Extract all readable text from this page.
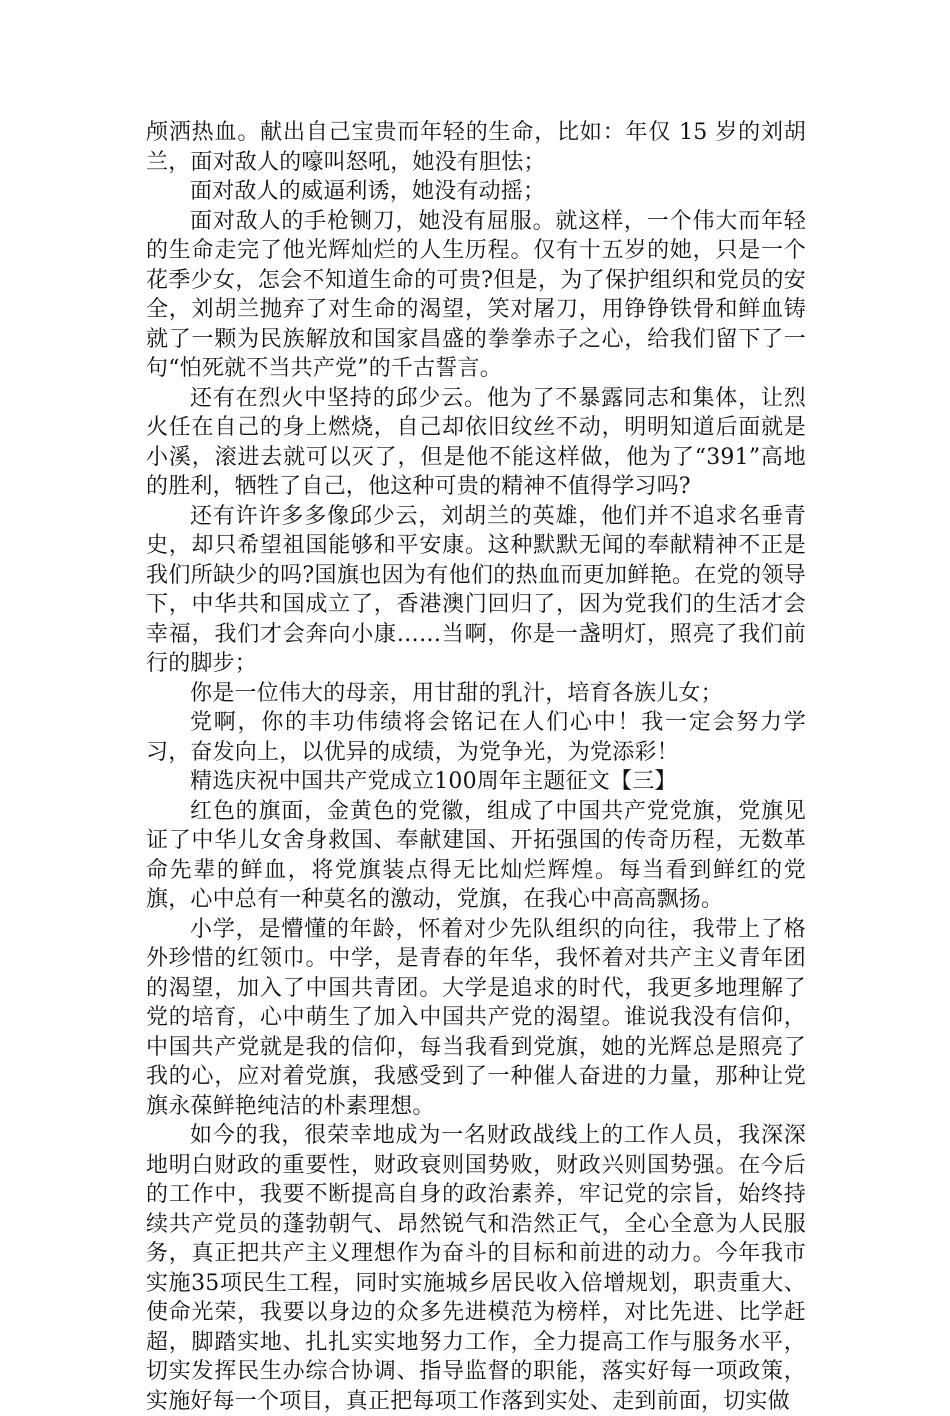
颅洒热血。献出自己宝贵而年轻的生命，比如：年仅 15 岁的刘胡兰，面对敌人的嚎叫怒吼，她没有胆怯；

面对敌人的威逼利诱，她没有动摇；

面对敌人的手枪铡刀，她没有屈服。就这样，一个伟大而年轻的生命走完了他光辉灿烂的人生历程。仅有十五岁的她，只是一个花季少女，怎会不知道生命的可贵?但是，为了保护组织和党员的安全，刘胡兰抛弃了对生命的渴望，笑对屠刀，用铮铮铁骨和鲜血铸就了一颗为民族解放和国家昌盛的拳拳赤子之心，给我们留下了一句“怕死就不当共产党”的千古誓言。

还有在烈火中坚持的邱少云。他为了不暴露同志和集体，让烈火任在自己的身上燃烧，自己却依旧纹丝不动，明明知道后面就是小溪，滚进去就可以灭了，但是他不能这样做，他为了“391”高地的胜利，牺牲了自己，他这种可贵的精神不值得学习吗?

还有许许多多像邱少云，刘胡兰的英雄，他们并不追求名垂青史，却只希望祖国能够和平安康。这种默默无闻的奉献精神不正是我们所缺少的吗?国旗也因为有他们的热血而更加鲜艳。在党的领导下，中华共和国成立了，香港澳门回归了，因为党我们的生活才会幸福，我们才会奔向小康……当啊，你是一盏明灯，照亮了我们前行的脚步；

你是一位伟大的母亲，用甘甜的乳汁，培育各族儿女；

党啊，你的丰功伟绩将会铭记在人们心中！我一定会努力学习，奋发向上，以优异的成绩，为党争光，为党添彩！

精选庆祝中国共产党成立100周年主题征文【三】

红色的旗面，金黄色的党徽，组成了中国共产党党旗，党旗见证了中华儿女舍身救国、奉献建国、开拓强国的传奇历程，无数革命先辈的鲜血，将党旗装点得无比灿烂辉煌。每当看到鲜红的党旗，心中总有一种莫名的激动，党旗，在我心中高高飘扬。

小学，是懵懂的年龄，怀着对少先队组织的向往，我带上了格外珍惜的红领巾。中学，是青春的年华，我怀着对共产主义青年团的渴望，加入了中国共青团。大学是追求的时代，我更多地理解了党的培育，心中萌生了加入中国共产党的渴望。谁说我没有信仰，中国共产党就是我的信仰，每当我看到党旗，她的光辉总是照亮了我的心，应对着党旗，我感受到了一种催人奋进的力量，那种让党旗永葆鲜艳纯洁的朴素理想。

如今的我，很荣幸地成为一名财政战线上的工作人员，我深深地明白财政的重要性，财政衰则国势败，财政兴则国势强。在今后的工作中，我要不断提高自身的政治素养，牢记党的宗旨，始终持续共产党员的蓬勃朝气、昂然锐气和浩然正气，全心全意为人民服务，真正把共产主义理想作为奋斗的目标和前进的动力。今年我市实施35项民生工程，同时实施城乡居民收入倍增规划，职责重大、使命光荣，我要以身边的众多先进模范为榜样，对比先进、比学赶超，脚踏实地、扎扎实实地努力工作，全力提高工作与服务水平，切实发挥民生办综合协调、指导监督的职能，落实好每一项政策，实施好每一个项目，真正把每项工作落到实处、走到前面，切实做
